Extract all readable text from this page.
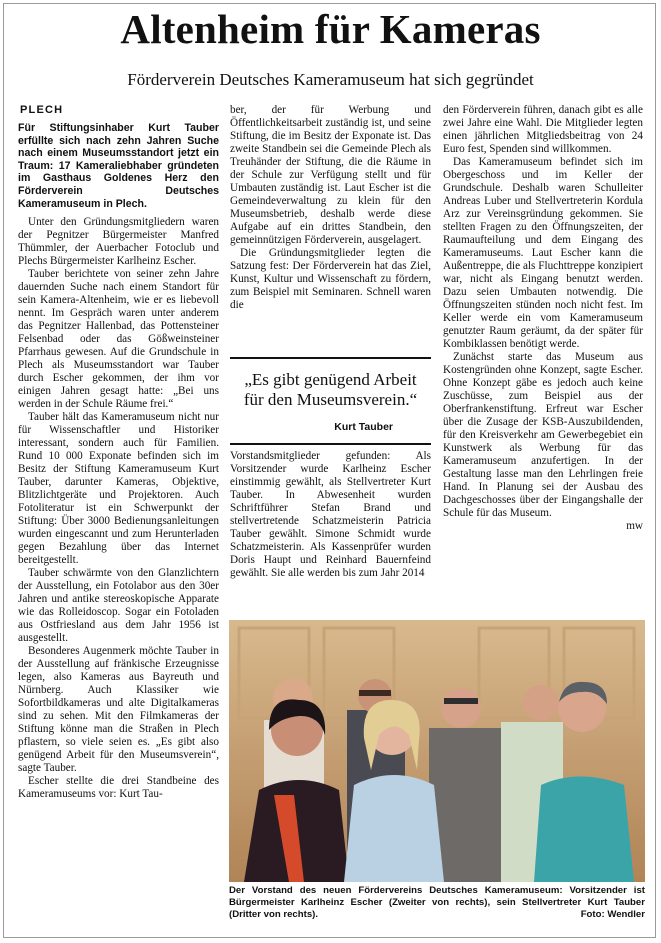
Altenheim für Kameras
Förderverein Deutsches Kameramuseum hat sich gegründet
PLECH
Für Stiftungsinhaber Kurt Tauber erfüllte sich nach zehn Jahren Suche nach einem Museumsstandort jetzt ein Traum: 17 Kameraliebhaber gründeten im Gasthaus Goldenes Herz den Förderverein Deutsches Kameramuseum in Plech.

Unter den Gründungsmitgliedern waren der Pegnitzer Bürgermeister Manfred Thümmler, der Auerbacher Fotoclub und Plechs Bürgermeister Karlheinz Escher.

Tauber berichtete von seiner zehn Jahre dauernden Suche nach einem Standort für sein Kamera-Altenheim, wie er es liebevoll nennt. Im Gespräch waren unter anderem das Pegnitzer Hallenbad, das Pottensteiner Felsenbad oder das Gößweinsteiner Pfarrhaus gewesen. Auf die Grundschule in Plech als Museumsstandort war Tauber durch Escher gekommen, der ihm vor einigen Jahren gesagt hatte: „Bei uns werden in der Schule Räume frei.“

Tauber hält das Kameramuseum nicht nur für Wissenschaftler und Historiker interessant, sondern auch für Familien. Rund 10 000 Exponate befinden sich im Besitz der Stiftung Kameramuseum Kurt Tauber, darunter Kameras, Objektive, Blitzlichtgeräte und Projektoren. Auch Fotoliteratur ist ein Schwerpunkt der Stiftung: Über 3000 Bedienungsanleitungen wurden eingescannt und zum Herunterladen gegen Bezahlung über das Internet bereitgestellt.

Tauber schwärmte von den Glanzlichtern der Ausstellung, ein Fotolabor aus den 30er Jahren und antike stereoskopische Apparate wie das Rolleidoscop. Sogar ein Fotoladen aus Ostfriesland aus dem Jahr 1956 ist ausgestellt.

Besonderes Augenmerk möchte Tauber in der Ausstellung auf fränkische Erzeugnisse legen, also Kameras aus Bayreuth und Nürnberg. Auch Klassiker wie Sofortbildkameras und alte Digitalkameras sind zu sehen. Mit den Filmkameras der Stiftung könne man die Straßen in Plech pflastern, so viele seien es. „Es gibt also genügend Arbeit für den Museumsverein“, sagte Tauber.

Escher stellte die drei Standbeine des Kameramuseums vor: Kurt Tau-

ber, der für Werbung und Öffentlichkeitsarbeit zuständig ist, und seine Stiftung, die im Besitz der Exponate ist. Das zweite Standbein sei die Gemeinde Plech als Treuhänder der Stiftung, die die Räume in der Schule zur Verfügung stellt und für Umbauten zuständig ist. Laut Escher ist die Gemeindeverwaltung zu klein für den Museumsbetrieb, deshalb werde diese Aufgabe auf ein drittes Standbein, den gemeinnützigen Förderverein, ausgelagert.

Die Gründungsmitglieder legten die Satzung fest: Der Förderverein hat das Ziel, Kunst, Kultur und Wissenschaft zu fördern, zum Beispiel mit Seminaren. Schnell waren die

„Es gibt genügend Arbeit für den Museumsverein.“
Kurt Tauber

Vorstandsmitglieder gefunden: Als Vorsitzender wurde Karlheinz Escher einstimmig gewählt, als Stellvertreter Kurt Tauber. In Abwesenheit wurden Schriftführer Stefan Brand und stellvertretende Schatzmeisterin Patricia Tauber gewählt. Simone Schmidt wurde Schatzmeisterin. Als Kassenprüfer wurden Doris Haupt und Reinhard Bauernfeind gewählt. Sie alle werden bis zum Jahr 2014

den Förderverein führen, danach gibt es alle zwei Jahre eine Wahl. Die Mitglieder legten einen jährlichen Mitgliedsbeitrag von 24 Euro fest, Spenden sind willkommen.

Das Kameramuseum befindet sich im Obergeschoss und im Keller der Grundschule. Deshalb waren Schulleiter Andreas Luber und Stellvertreterin Kordula Arz zur Vereinsgründung gekommen. Sie stellten Fragen zu den Öffnungszeiten, der Raumaufteilung und dem Eingang des Kameramuseums. Laut Escher kann die Außentreppe, die als Fluchttreppe konzipiert war, nicht als Eingang benutzt werden. Dazu seien Umbauten notwendig. Die Öffnungszeiten stünden noch nicht fest. Im Keller werde ein vom Kameramuseum genutzter Raum geräumt, da der später für Kombiklassen benötigt werde.

Zunächst starte das Museum aus Kostengründen ohne Konzept, sagte Escher. Ohne Konzept gäbe es jedoch auch keine Zuschüsse, zum Beispiel aus der Oberfrankenstiftung. Erfreut war Escher über die Zusage der KSB-Auszubildenden, für den Kreisverkehr am Gewerbegebiet ein Kunstwerk als Werbung für das Kameramuseum anzufertigen. In der Gestaltung lasse man den Lehrlingen freie Hand. In Planung sei der Ausbau des Dachgeschosses über der Eingangshalle der Schule für das Museum.

mw
Der Vorstand des neuen Fördervereins Deutsches Kameramuseum: Vorsitzender ist Bürgermeister Karlheinz Escher (Zweiter von rechts), sein Stellvertreter Kurt Tauber (Dritter von rechts).	Foto: Wendler
